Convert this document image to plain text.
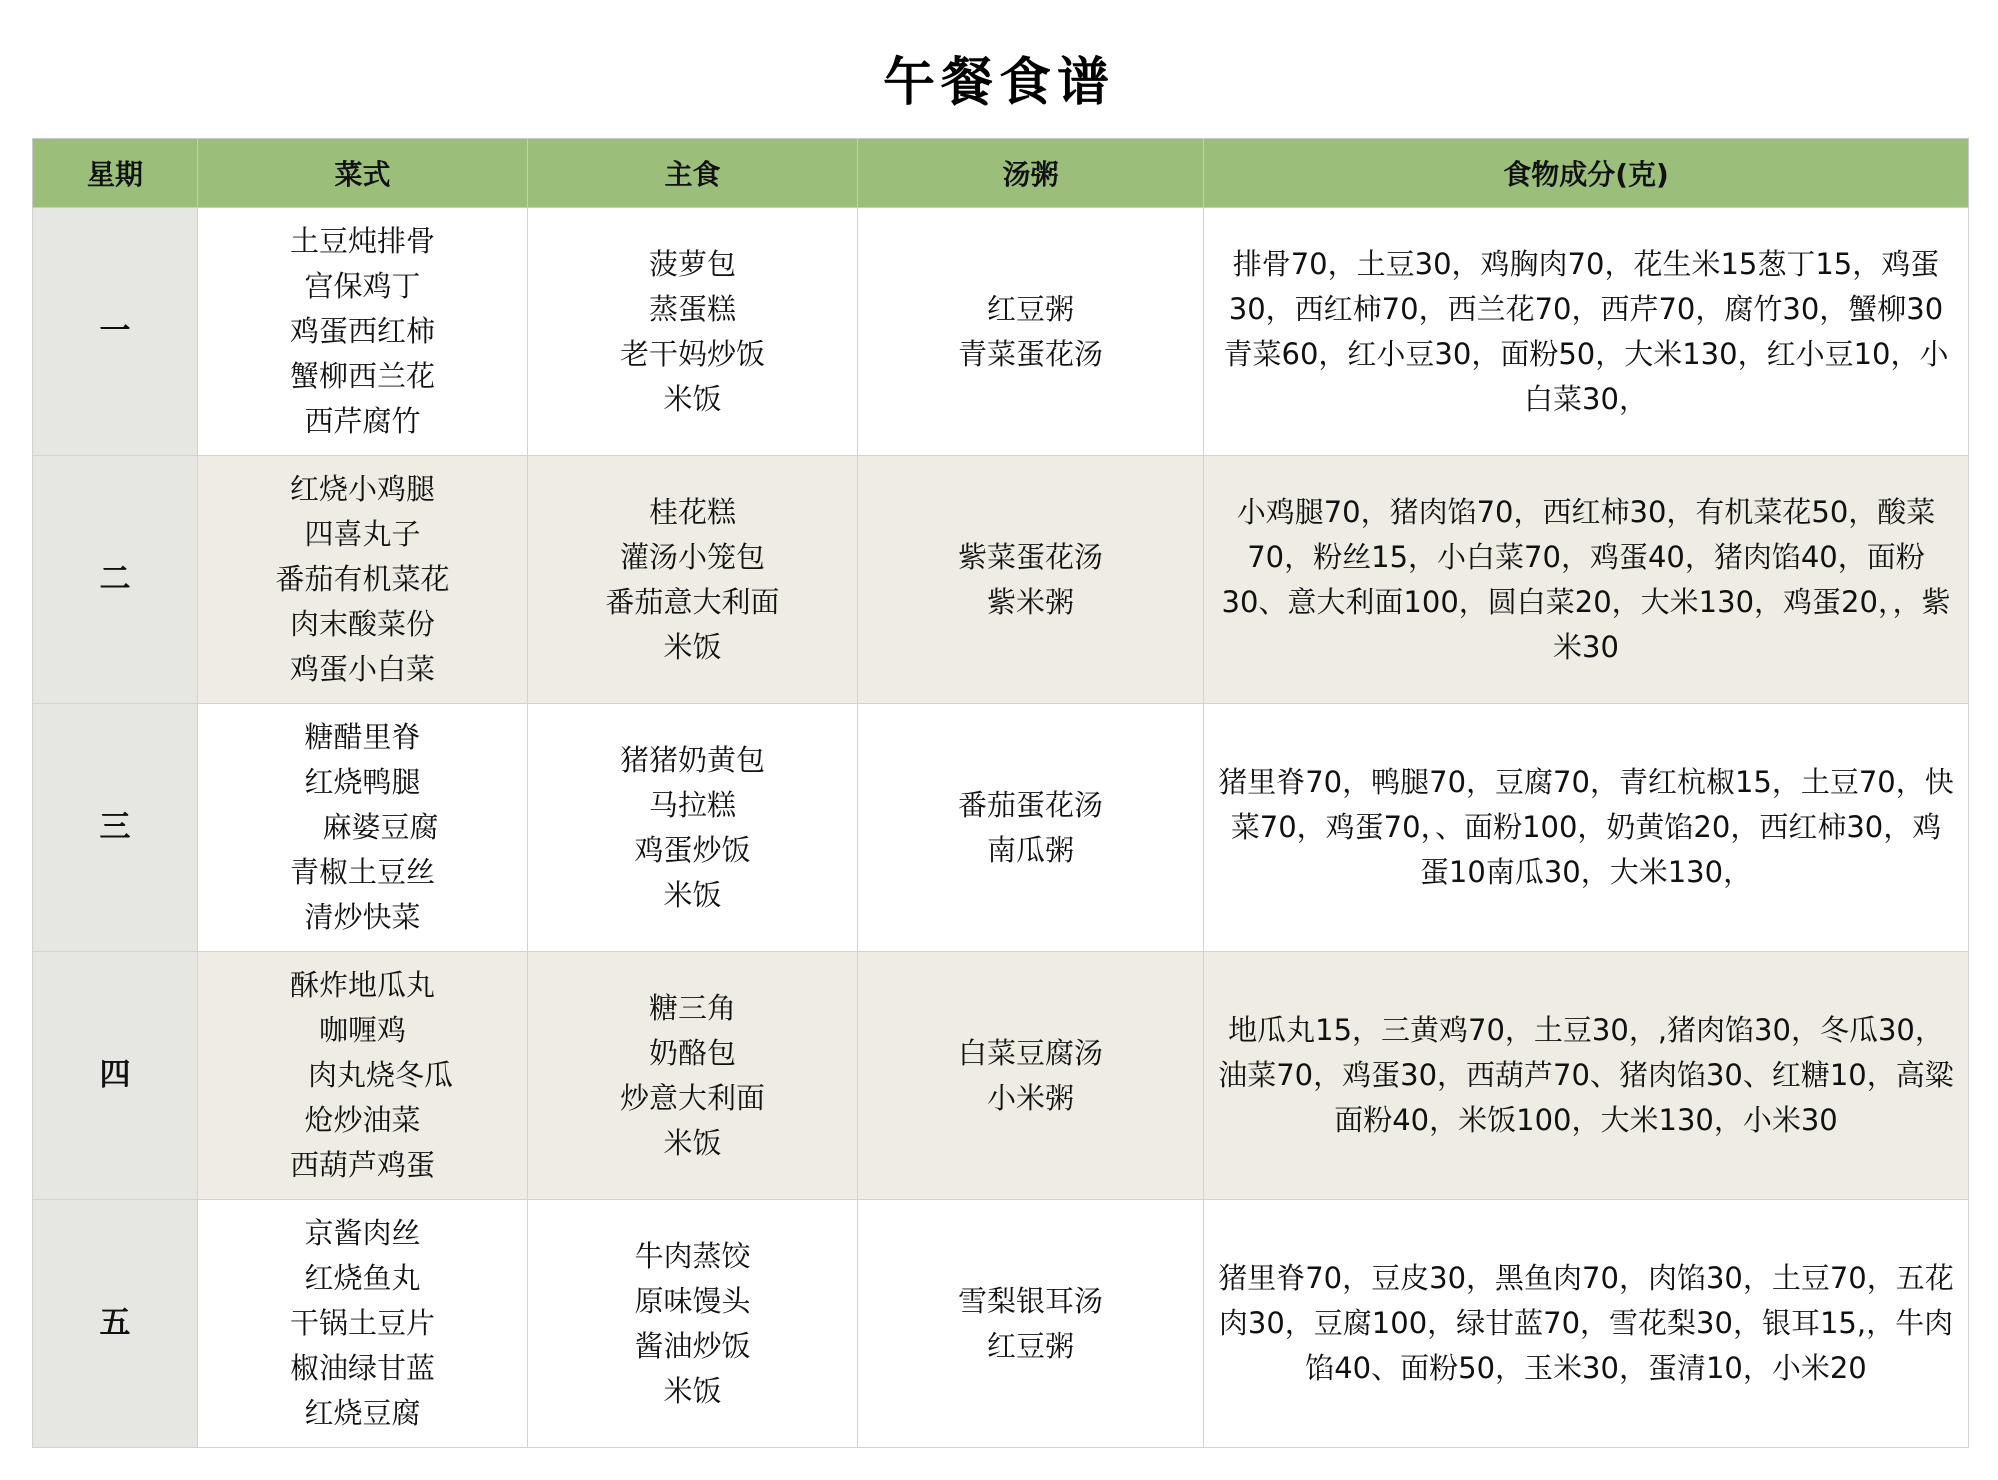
午餐食谱
星期	菜式	主食	汤粥	食物成分(克)
一	土豆炖排骨
宫保鸡丁
鸡蛋西红柿
蟹柳西兰花
西芹腐竹	菠萝包
蒸蛋糕
老干妈炒饭
米饭	红豆粥
青菜蛋花汤	排骨70，土豆30，鸡胸肉70，花生米15葱丁15，鸡蛋30，西红柿70，西兰花70，西芹70，腐竹30，蟹柳30青菜60，红小豆30，面粉50，大米130，红小豆10，小白菜30，
二	红烧小鸡腿
四喜丸子
番茄有机菜花
肉末酸菜份
鸡蛋小白菜	桂花糕
灌汤小笼包
番茄意大利面
米饭	紫菜蛋花汤
紫米粥	小鸡腿70，猪肉馅70，西红柿30，有机菜花50，酸菜70，粉丝15，小白菜70，鸡蛋40，猪肉馅40，面粉30、意大利面100，圆白菜20，大米130，鸡蛋20，，紫米30
三	糖醋里脊
红烧鸭腿
麻婆豆腐
青椒土豆丝
清炒快菜	猪猪奶黄包
马拉糕
鸡蛋炒饭
米饭	番茄蛋花汤
南瓜粥	猪里脊70，鸭腿70，豆腐70，青红杭椒15，土豆70，快菜70，鸡蛋70，、面粉100，奶黄馅20，西红柿30，鸡蛋10南瓜30，大米130，
四	酥炸地瓜丸
咖喱鸡
肉丸烧冬瓜
炝炒油菜
西葫芦鸡蛋	糖三角
奶酪包
炒意大利面
米饭	白菜豆腐汤
小米粥	地瓜丸15，三黄鸡70，土豆30，,猪肉馅30，冬瓜30，油菜70，鸡蛋30，西葫芦70、猪肉馅30、红糖10，高粱面粉40，米饭100，大米130，小米30
五	京酱肉丝
红烧鱼丸
干锅土豆片
椒油绿甘蓝
红烧豆腐	牛肉蒸饺
原味馒头
酱油炒饭
米饭	雪梨银耳汤
红豆粥	猪里脊70，豆皮30，黑鱼肉70，肉馅30，土豆70，五花肉30，豆腐100，绿甘蓝70，雪花梨30，银耳15,，牛肉馅40、面粉50，玉米30，蛋清10，小米20
